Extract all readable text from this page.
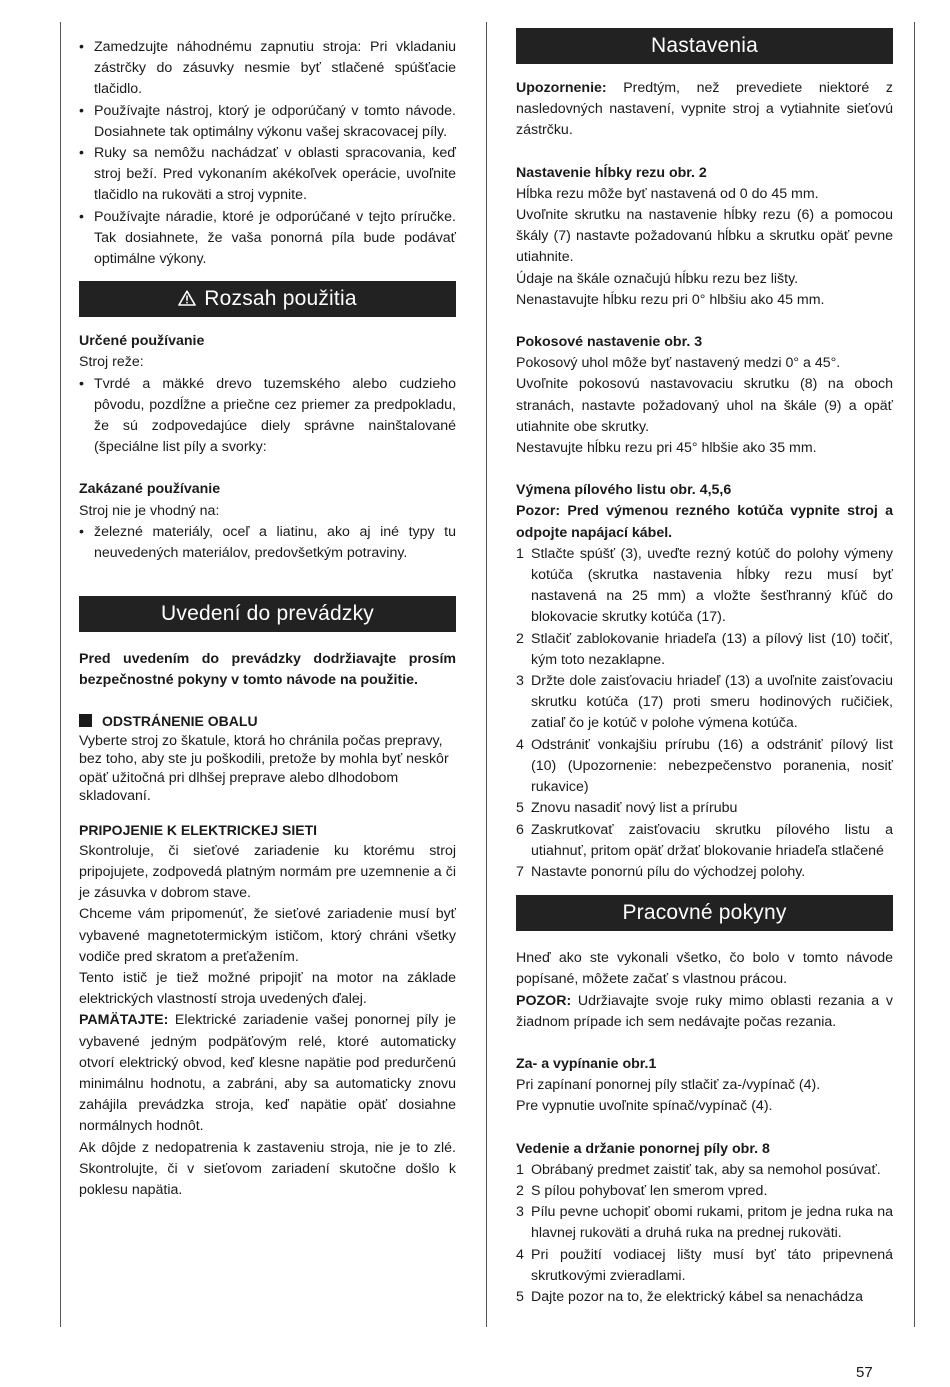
• Zamedzujte náhodnému zapnutiu stroja: Pri vkladaniu zástrčky do zásuvky nesmie byť stlačené spúšťacie tlačidlo.
• Používajte nástroj, ktorý je odporúčaný v tomto návode. Dosiahnete tak optimálny výkonu vašej skracovacej píly.
• Ruky sa nemôžu nachádzať v oblasti spracovania, keď stroj beží. Pred vykonaním akékoľvek operácie, uvoľnite tlačidlo na rukoväti a stroj vypnite.
• Používajte náradie, ktoré je odporúčané v tejto príručke. Tak dosiahnete, že vaša ponorná píla bude podávať optimálne výkony.
Rozsah použitia

Určené používanie

Stroj reže:

• Tvrdé a mäkké drevo tuzemského alebo cudzieho pôvodu, pozdĺžne a priečne cez priemer za predpokladu, že sú zodpovedajúce diely správne nainštalované (špeciálne list píly a svorky:

Zakázané používanie

Stroj nie je vhodný na:

• železné materiály, oceľ a liatinu, ako aj iné typy tu neuvedených materiálov, predovšetkým potraviny.
Uvedení do prevádzky

Pred uvedením do prevádzky dodržiavajte prosím bezpečnostné pokyny v tomto návode na použitie.

ODSTRÁNENIE OBALU

Vyberte stroj zo škatule, ktorá ho chránila počas prepravy, bez toho, aby ste ju poškodili, pretože by mohla byť neskôr opäť užitočná pri dlhšej preprave alebo dlhodobom skladovaní.

PRIPOJENIE K ELEKTRICKEJ SIETI

Skontroluje, či sieťové zariadenie ku ktorému stroj pripojujete, zodpovedá platným normám pre uzemnenie a či je zásuvka v dobrom stave.

Chceme vám pripomenúť, že sieťové zariadenie musí byť vybavené magnetotermickým ističom, ktorý chráni všetky vodiče pred skratom a preťažením.

Tento istič je tiež možné pripojiť na motor na základe elektrických vlastností stroja uvedených ďalej.

PAMÄTAJTE: Elektrické zariadenie vašej ponornej píly je vybavené jedným podpäťovým relé, ktoré automaticky otvorí elektrický obvod, keď klesne napätie pod predurčenú minimálnu hodnotu, a zabráni, aby sa automaticky znovu zahájila prevádzka stroja, keď napätie opäť dosiahne normálnych hodnôt.

Ak dôjde z nedopatrenia k zastaveniu stroja, nie je to zlé. Skontrolujte, či v sieťovom zariadení skutočne došlo k poklesu napätia.

Nastavenia

Upozornenie: Predtým, než prevediete niektoré z nasledovných nastavení, vypnite stroj a vytiahnite sieťovú zástrčku.

Nastavenie hĺbky rezu obr. 2

Hĺbka rezu môže byť nastavená od 0 do 45 mm.

Uvoľnite skrutku na nastavenie hĺbky rezu (6) a pomocou škály (7) nastavte požadovanú hĺbku a skrutku opäť pevne utiahnite.

Údaje na škále označujú hĺbku rezu bez lišty.

Nenastavujte hĺbku rezu pri 0° hlbšiu ako 45 mm.

Pokosové nastavenie obr. 3

Pokosový uhol môže byť nastavený medzi 0° a 45°.

Uvoľnite pokosovú nastavovaciu skrutku (8) na oboch stranách, nastavte požadovaný uhol na škále (9) a opäť utiahnite obe skrutky.

Nestavujte hĺbku rezu pri 45° hlbšie ako 35 mm.

Výmena pílového listu obr. 4,5,6

Pozor: Pred výmenou rezného kotúča vypnite stroj a odpojte napájací kábel.

1 Stlačte spúšť (3), uveďte rezný kotúč do polohy výmeny kotúča (skrutka nastavenia hĺbky rezu musí byť nastavená na 25 mm) a vložte šesťhranný kľúč do blokovacie skrutky kotúča (17).
2 Stlačiť zablokovanie hriadeľa (13) a pílový list (10) točiť, kým toto nezaklapne.
3 Držte dole zaisťovaciu hriadeľ (13) a uvoľnite zaisťovaciu skrutku kotúča (17) proti smeru hodinových ručičiek, zatiaľ čo je kotúč v polohe výmena kotúča.
4 Odstrániť vonkajšiu prírubu (16) a odstrániť pílový list (10) (Upozornenie: nebezpečenstvo poranenia, nosiť rukavice)
5 Znovu nasadiť nový list a prírubu
6 Zaskrutkovať zaisťovaciu skrutku pílového listu a utiahnuť, pritom opäť držať blokovanie hriadeľa stlačené
7 Nastavte ponornú pílu do východzej polohy.
Pracovné pokyny

Hneď ako ste vykonali všetko, čo bolo v tomto návode popísané, môžete začať s vlastnou prácou.

POZOR: Udržiavajte svoje ruky mimo oblasti rezania a v žiadnom prípade ich sem nedávajte počas rezania.

Za- a vypínanie obr.1

Pri zapínaní ponornej píly stlačiť za-/vypínač (4).

Pre vypnutie uvoľnite spínač/vypínač (4).

Vedenie a držanie ponornej píly obr. 8

1 Obrábaný predmet zaistiť tak, aby sa nemohol posúvať.
2 S pílou pohybovať len smerom vpred.
3 Pílu pevne uchopiť obomi rukami, pritom je jedna ruka na hlavnej rukoväti a druhá ruka na prednej rukoväti.
4 Pri použití vodiacej lišty musí byť táto pripevnená skrutkovými zvieradlami.
5 Dajte pozor na to, že elektrický kábel sa nenachádza
57
